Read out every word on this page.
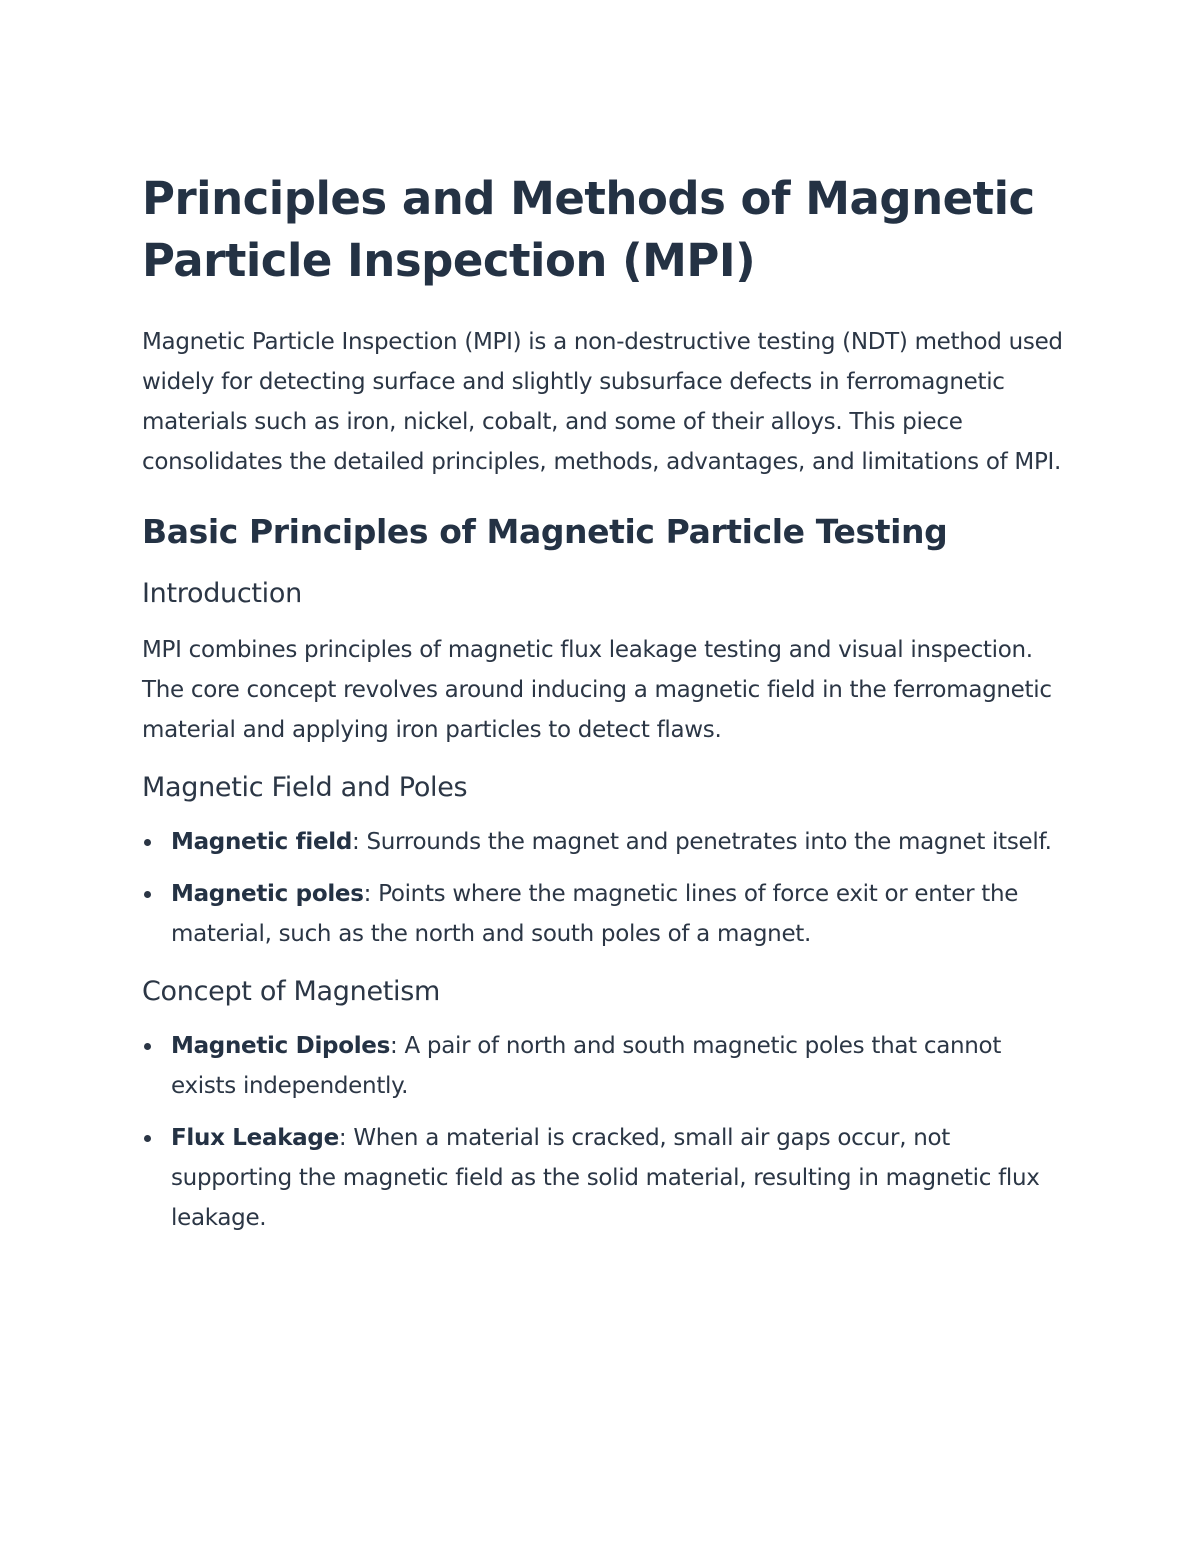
Principles and Methods of Magnetic Particle Inspection (MPI)

Magnetic Particle Inspection (MPI) is a non-destructive testing (NDT) method used widely for detecting surface and slightly subsurface defects in ferromagnetic materials such as iron, nickel, cobalt, and some of their alloys. This piece consolidates the detailed principles, methods, advantages, and limitations of MPI.

Basic Principles of Magnetic Particle Testing
Introduction

MPI combines principles of magnetic flux leakage testing and visual inspection. The core concept revolves around inducing a magnetic field in the ferromagnetic material and applying iron particles to detect flaws.

Magnetic Field and Poles
Magnetic field: Surrounds the magnet and penetrates into the magnet itself.
Magnetic poles: Points where the magnetic lines of force exit or enter the material, such as the north and south poles of a magnet.
Concept of Magnetism
Magnetic Dipoles: A pair of north and south magnetic poles that cannot exists independently.
Flux Leakage: When a material is cracked, small air gaps occur, not supporting the magnetic field as the solid material, resulting in magnetic flux leakage.
